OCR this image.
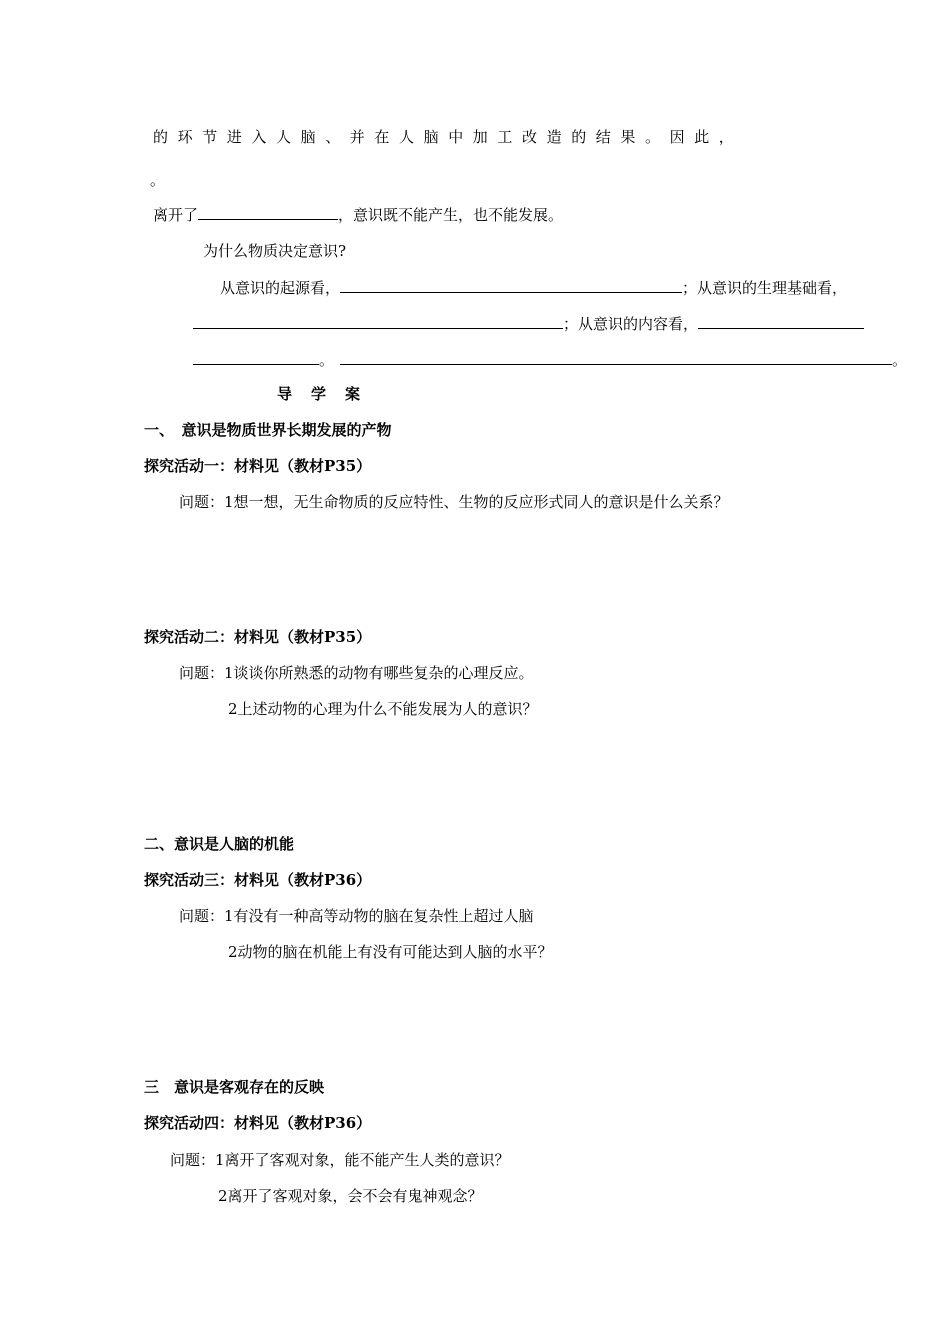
的环节进入人脑、并在人脑中加工改造的结果。因此，
。
离开了	，意识既不能产生，也不能发展。
为什么物质决定意识?
从意识的起源看，	；从意识的生理基础看，
；从意识的内容看，
。	。
导　学　案
一、　意识是物质世界长期发展的产物
探究活动一：材料见（教材P35）
问题：1想一想，无生命物质的反应特性、生物的反应形式同人的意识是什么关系？
探究活动二：材料见（教材P35）
问题：1谈谈你所熟悉的动物有哪些复杂的心理反应。
2上述动物的心理为什么不能发展为人的意识？
二、意识是人脑的机能
探究活动三：材料见（教材P36）
问题：1有没有一种高等动物的脑在复杂性上超过人脑
2动物的脑在机能上有没有可能达到人脑的水平？
三　意识是客观存在的反映
探究活动四：材料见（教材P36）
问题：1离开了客观对象，能不能产生人类的意识？
2离开了客观对象，会不会有鬼神观念？
